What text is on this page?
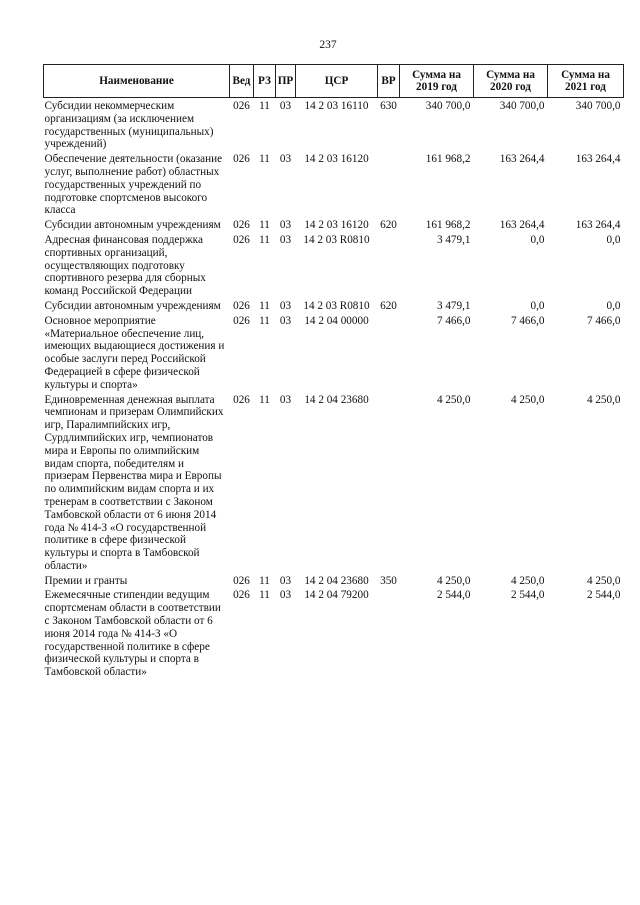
237
Наименование	Вед	РЗ	ПР	ЦСР	ВР	Сумма на 2019 год	Сумма на 2020 год	Сумма на 2021 год
Субсидии некоммерческим организациям (за исключением государственных (муниципальных) учреждений)	026	11	03	14 2 03 16110	630	340 700,0	340 700,0	340 700,0
Обеспечение деятельности (оказание услуг, выполнение работ) областных государственных учреждений по подготовке спортсменов высокого класса	026	11	03	14 2 03 16120		161 968,2	163 264,4	163 264,4
Субсидии автономным учреждениям	026	11	03	14 2 03 16120	620	161 968,2	163 264,4	163 264,4
Адресная финансовая поддержка спортивных организаций, осуществляющих подготовку спортивного резерва для сборных команд Российской Федерации	026	11	03	14 2 03 R0810		3 479,1	0,0	0,0
Субсидии автономным учреждениям	026	11	03	14 2 03 R0810	620	3 479,1	0,0	0,0
Основное мероприятие «Материальное обеспечение лиц, имеющих выдающиеся достижения и особые заслуги перед Российской Федерацией в сфере физической культуры и спорта»	026	11	03	14 2 04 00000		7 466,0	7 466,0	7 466,0
Единовременная денежная выплата чемпионам и призерам Олимпийских игр, Паралимпийских игр, Сурдлимпийских игр, чемпионатов мира и Европы по олимпийским видам спорта, победителям и призерам Первенства мира и Европы по олимпийским видам спорта и их тренерам в соответствии с Законом Тамбовской области от 6 июня 2014 года № 414-З «О государственной политике в сфере физической культуры и спорта в Тамбовской области»	026	11	03	14 2 04 23680		4 250,0	4 250,0	4 250,0
Премии и гранты	026	11	03	14 2 04 23680	350	4 250,0	4 250,0	4 250,0
Ежемесячные стипендии ведущим спортсменам области в соответствии с Законом Тамбовской области от 6 июня 2014 года № 414-З «О государственной политике в сфере физической культуры и спорта в Тамбовской области»	026	11	03	14 2 04 79200		2 544,0	2 544,0	2 544,0
